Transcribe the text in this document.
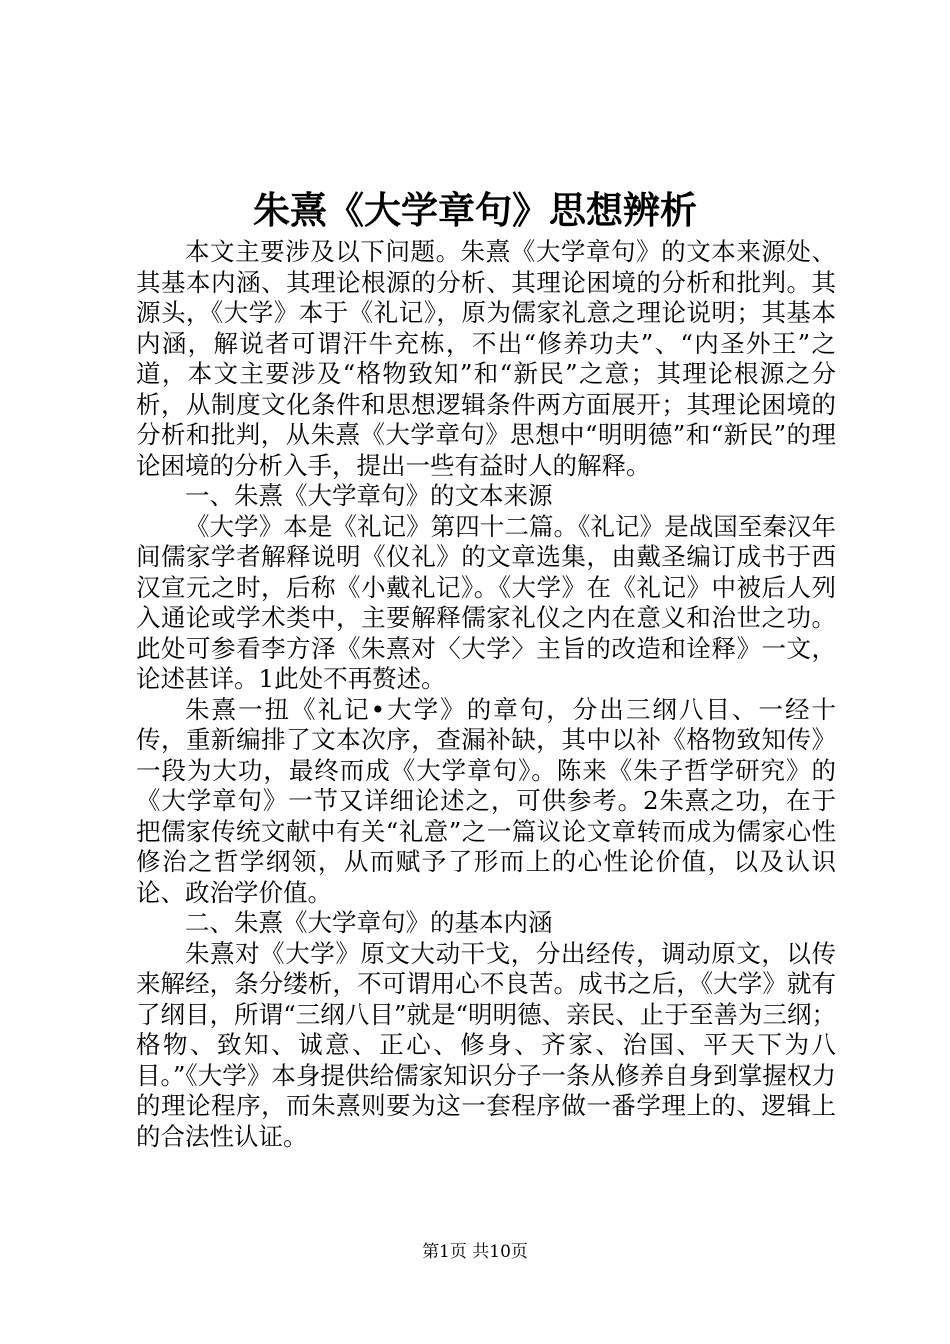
朱熹《大学章句》思想辨析

本文主要涉及以下问题。朱熹《大学章句》的文本来源处、其基本内涵、其理论根源的分析、其理论困境的分析和批判。其源头，《大学》本于《礼记》，原为儒家礼意之理论说明；其基本内涵，解说者可谓汗牛充栋，不出“修养功夫”、“内圣外王”之道，本文主要涉及“格物致知”和“新民”之意；其理论根源之分析，从制度文化条件和思想逻辑条件两方面展开；其理论困境的分析和批判，从朱熹《大学章句》思想中“明明德”和“新民”的理论困境的分析入手，提出一些有益时人的解释。

一、朱熹《大学章句》的文本来源

《大学》本是《礼记》第四十二篇。《礼记》是战国至秦汉年间儒家学者解释说明《仪礼》的文章选集，由戴圣编订成书于西汉宣元之时，后称《小戴礼记》。《大学》在《礼记》中被后人列入通论或学术类中，主要解释儒家礼仪之内在意义和治世之功。此处可参看李方泽《朱熹对〈大学〉主旨的改造和诠释》一文，论述甚详。1此处不再赘述。

朱熹一扭《礼记•大学》的章句，分出三纲八目、一经十传，重新编排了文本次序，查漏补缺，其中以补《格物致知传》一段为大功，最终而成《大学章句》。陈来《朱子哲学研究》的《大学章句》一节又详细论述之，可供参考。2朱熹之功，在于把儒家传统文献中有关“礼意”之一篇议论文章转而成为儒家心性修治之哲学纲领，从而赋予了形而上的心性论价值，以及认识论、政治学价值。

二、朱熹《大学章句》的基本内涵

朱熹对《大学》原文大动干戈，分出经传，调动原文，以传来解经，条分缕析，不可谓用心不良苦。成书之后，《大学》就有了纲目，所谓“三纲八目”就是“明明德、亲民、止于至善为三纲；格物、致知、诚意、正心、修身、齐家、治国、平天下为八目。”《大学》本身提供给儒家知识分子一条从修养自身到掌握权力的理论程序，而朱熹则要为这一套程序做一番学理上的、逻辑上的合法性认证。

第1页 共10页
